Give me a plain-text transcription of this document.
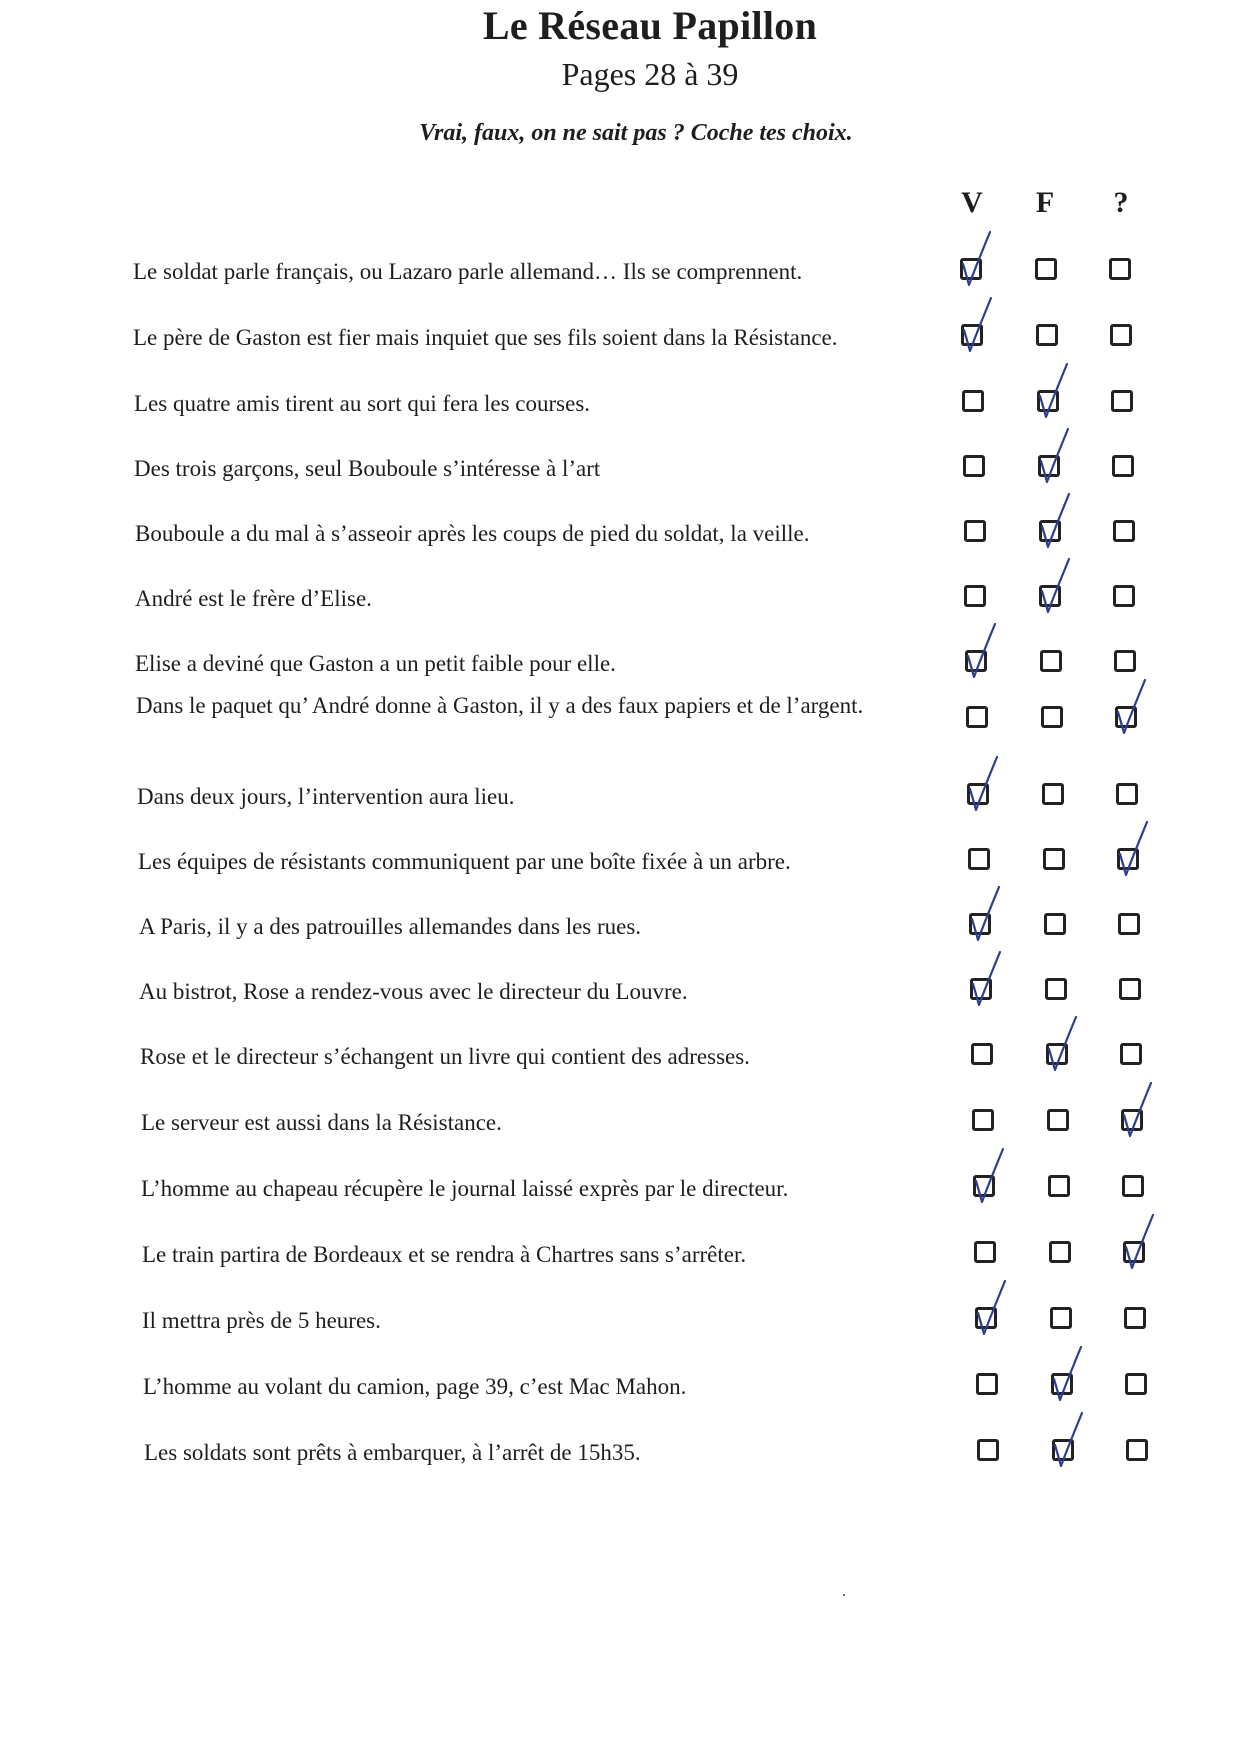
Le Réseau Papillon
Pages 28 à 39
Vrai, faux, on ne sait pas ? Coche tes choix.
V	F	?
Le soldat parle français, ou Lazaro parle allemand… Ils se comprennent.
Le père de Gaston est fier mais inquiet que ses fils soient dans la Résistance.
Les quatre amis tirent au sort qui fera les courses.
Des trois garçons, seul Bouboule s’intéresse à l’art
Bouboule a du mal à s’asseoir après les coups de pied du soldat, la veille.
André est le frère d’Elise.
Elise a deviné que Gaston a un petit faible pour elle.
Dans le paquet qu’ André donne à Gaston, il y a des faux papiers et de l’argent.
Dans deux jours, l’intervention aura lieu.
Les équipes de résistants communiquent par une boîte fixée à un arbre.
A Paris, il y a des patrouilles allemandes dans les rues.
Au bistrot, Rose a rendez-vous avec le directeur du Louvre.
Rose et le directeur s’échangent un livre qui contient des adresses.
Le serveur est aussi dans la Résistance.
L’homme au chapeau récupère le journal laissé exprès par le directeur.
Le train partira de Bordeaux et se rendra à Chartres sans s’arrêter.
Il mettra près de 5 heures.
L’homme au volant du camion, page 39, c’est Mac Mahon.
Les soldats sont prêts à embarquer, à l’arrêt de 15h35.
